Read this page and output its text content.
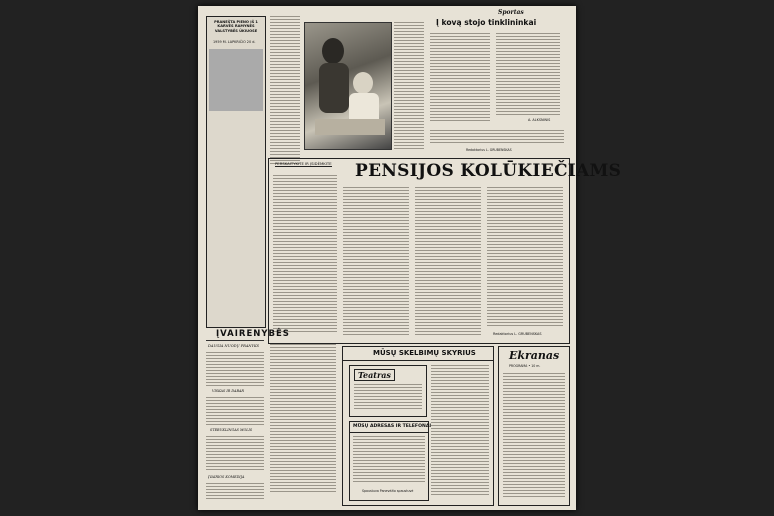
PRANEŠTA PIENO IŠ 1 KARVĖS RAMYNĖS VALSTYBĖS ŪKIUOSE
1959 M. LAPKRIČIO 20 d.
Sportas
Į kovą stojo tinklininkai
A. ALKSNINIS
Redaktorius L. GRUBENSKAS
PERSKAITYKITE IR ĮSIDĖMKITE PENSIJOS KOLŪKIEČIAMS
Redaktorius L. GRUBENSKAS
ĮVAIRENYBĖS
DAUGIA NUODŲ PRANYKS
VISKAS IR DABAR
STEBUKLINGAS MOLIS
ĮVAIRIOS KOMEDIJA
MŪSŲ SKELBIMŲ SKYRIUS
Teatras
MŪSŲ ADRESAS IR TELEFONAI
Spaustuva Panevėžio spaustuvė
Ekranas
PROGRAMA • 10 m.
